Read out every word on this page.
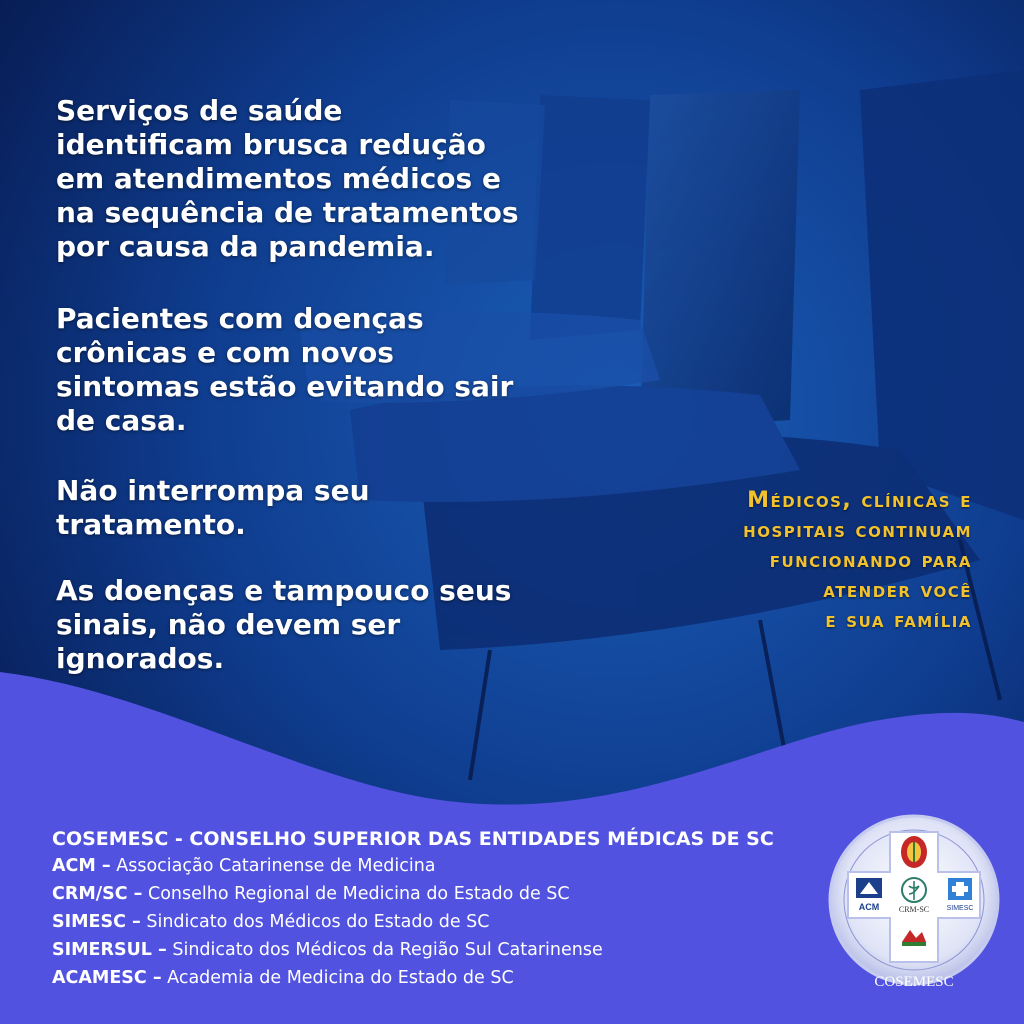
Serviços de saúde
identificam brusca redução
em atendimentos médicos e
na sequência de tratamentos
por causa da pandemia.
Pacientes com doenças
crônicas e com novos
sintomas estão evitando sair
de casa.
Não interrompa seu
tratamento.
As doenças e tampouco seus
sinais, não devem ser
ignorados.
Médicos, clínicas e
hospitais continuam
funcionando para
atender você
e sua família
COSEMESC - CONSELHO SUPERIOR DAS ENTIDADES MÉDICAS DE SC
ACM – Associação Catarinense de Medicina
CRM/SC – Conselho Regional de Medicina do Estado de SC
SIMESC – Sindicato dos Médicos do Estado de SC
SIMERSUL – Sindicato dos Médicos da Região Sul Catarinense
ACAMESC – Academia de Medicina do Estado de SC
ACM CRM-SC SIMESC
COSEMESC
